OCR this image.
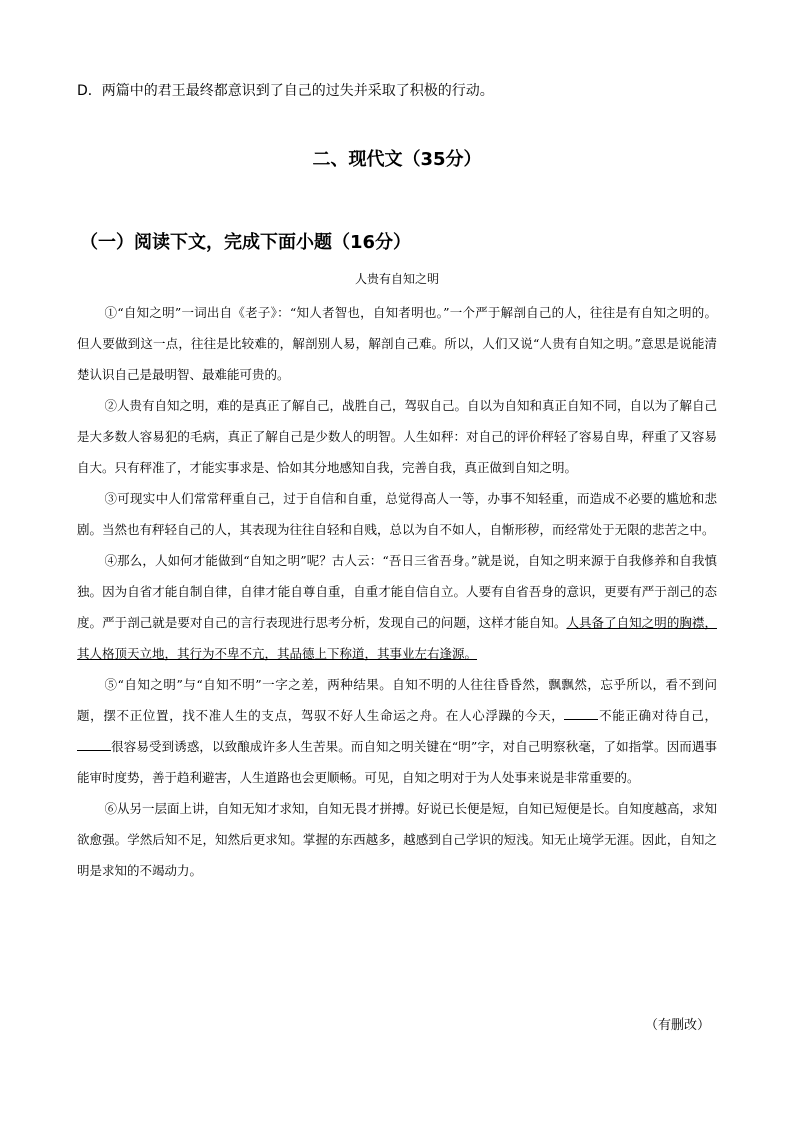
D．两篇中的君王最终都意识到了自己的过失并采取了积极的行动。
二、现代文（35分）
（一）阅读下文，完成下面小题（16分）
人贵有自知之明

①“自知之明”一词出自《老子》：“知人者智也，自知者明也。”一个严于解剖自己的人，往往是有自知之明的。但人要做到这一点，往往是比较难的，解剖别人易，解剖自己难。所以，人们又说“人贵有自知之明。”意思是说能清楚认识自己是最明智、最难能可贵的。

②人贵有自知之明，难的是真正了解自己，战胜自己，驾驭自己。自以为自知和真正自知不同，自以为了解自己是大多数人容易犯的毛病，真正了解自己是少数人的明智。人生如秤：对自己的评价秤轻了容易自卑，秤重了又容易自大。只有秤准了，才能实事求是、恰如其分地感知自我，完善自我，真正做到自知之明。

③可现实中人们常常秤重自己，过于自信和自重，总觉得高人一等，办事不知轻重，而造成不必要的尴尬和悲剧。当然也有秤轻自己的人，其表现为往往自轻和自贱，总以为自不如人，自惭形秽，而经常处于无限的悲苦之中。

④那么，人如何才能做到“自知之明”呢？古人云：“吾日三省吾身。”就是说，自知之明来源于自我修养和自我慎独。因为自省才能自制自律，自律才能自尊自重，自重才能自信自立。人要有自省吾身的意识，更要有严于剖己的态度。严于剖己就是要对自己的言行表现进行思考分析，发现自己的问题，这样才能自知。人具备了自知之明的胸襟，其人格顶天立地，其行为不卑不亢，其品德上下称道，其事业左右逢源。

⑤“自知之明”与“自知不明”一字之差，两种结果。自知不明的人往往昏昏然，飘飘然，忘乎所以，看不到问题，摆不正位置，找不准人生的支点，驾驭不好人生命运之舟。在人心浮躁的今天，	不能正确对待自己，很容易受到诱惑，以致酿成许多人生苦果。而自知之明关键在“明”字，对自己明察秋毫，了如指掌。因而遇事能审时度势，善于趋利避害，人生道路也会更顺畅。可见，自知之明对于为人处事来说是非常重要的。

⑥从另一层面上讲，自知无知才求知，自知无畏才拼搏。好说已长便是短，自知已短便是长。自知度越高，求知欲愈强。学然后知不足，知然后更求知。掌握的东西越多，越感到自己学识的短浅。知无止境学无涯。因此，自知之明是求知的不竭动力。

（有删改）
